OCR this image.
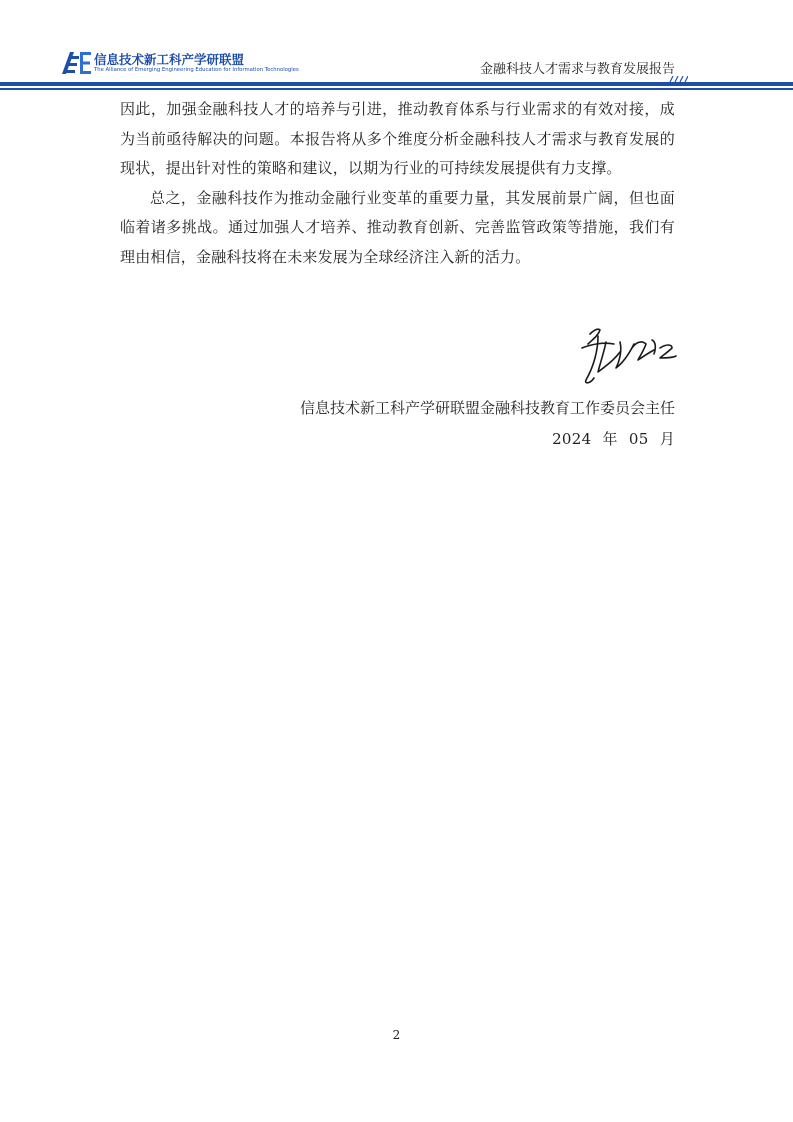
信息技术新工科产学研联盟
The Alliance of Emerging Engineering Education for Information Technologies	金融科技人才需求与教育发展报告

因此，加强金融科技人才的培养与引进，推动教育体系与行业需求的有效对接，成为当前亟待解决的问题。本报告将从多个维度分析金融科技人才需求与教育发展的现状，提出针对性的策略和建议，以期为行业的可持续发展提供有力支撑。

总之，金融科技作为推动金融行业变革的重要力量，其发展前景广阔，但也面临着诸多挑战。通过加强人才培养、推动教育创新、完善监管政策等措施，我们有理由相信，金融科技将在未来发展为全球经济注入新的活力。

信息技术新工科产学研联盟金融科技教育工作委员会主任
2024 年 05 月
2
